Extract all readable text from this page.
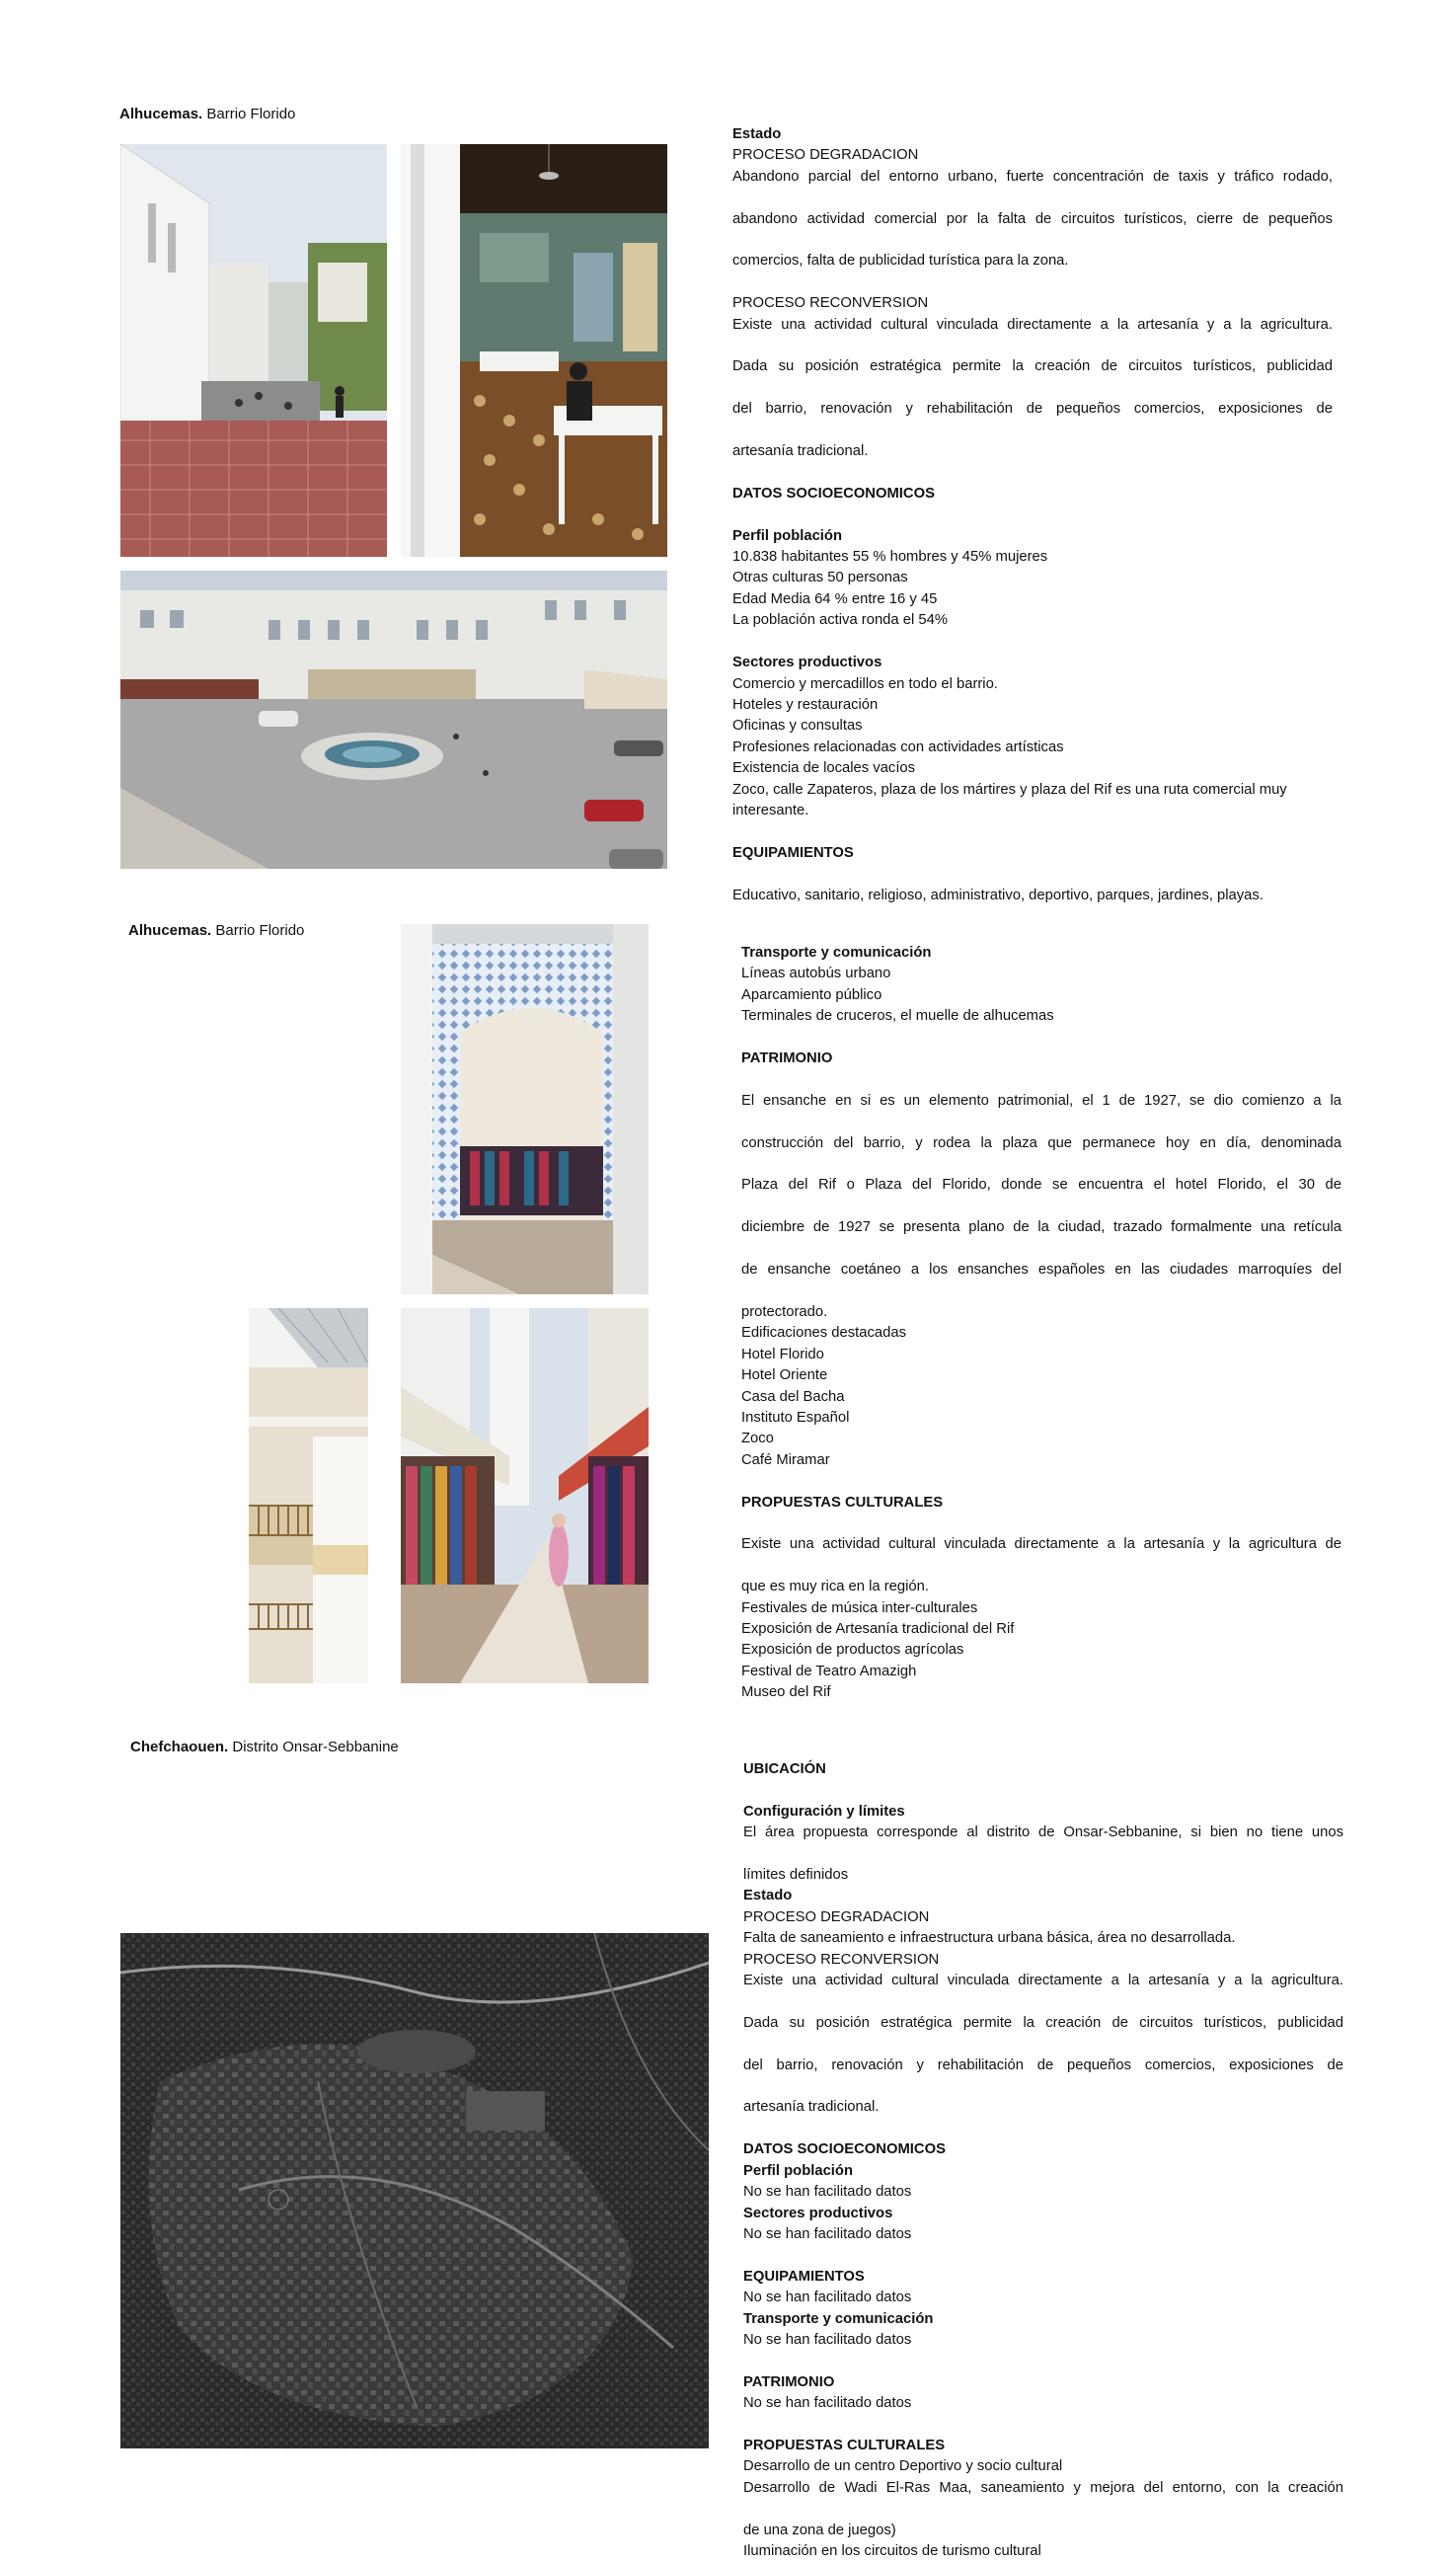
Alhucemas. Barrio Florido

Estado

PROCESO DEGRADACION

Abandono parcial del entorno urbano, fuerte concentración de taxis y tráfico rodado,

abandono actividad comercial por la falta de circuitos turísticos, cierre de pequeños

comercios, falta de publicidad turística para la zona.

PROCESO RECONVERSION

Existe una actividad cultural vinculada directamente a la artesanía y a la agricultura.

Dada su posición estratégica permite la creación de circuitos turísticos, publicidad

del barrio, renovación y rehabilitación de pequeños comercios, exposiciones de

artesanía tradicional.

DATOS SOCIOECONOMICOS

Perfil población

10.838 habitantes 55 % hombres y 45% mujeres

Otras culturas 50 personas

Edad Media 64 % entre 16 y 45

La población activa ronda el 54%

Sectores productivos

Comercio y mercadillos en todo el barrio.

Hoteles y restauración

Oficinas y consultas

Profesiones relacionadas con actividades artísticas

Existencia de locales vacíos

Zoco, calle Zapateros, plaza de los mártires y plaza del Rif es una ruta comercial muy

interesante.

EQUIPAMIENTOS

Educativo, sanitario, religioso, administrativo, deportivo, parques, jardines, playas.

Alhucemas. Barrio Florido

Transporte y comunicación

Líneas autobús urbano

Aparcamiento público

Terminales de cruceros, el muelle de alhucemas

PATRIMONIO

El ensanche en si es un elemento patrimonial, el 1 de 1927, se dio comienzo a la

construcción del barrio, y rodea la plaza que permanece hoy en día, denominada

Plaza del Rif o Plaza del Florido, donde se encuentra el hotel Florido, el 30 de

diciembre de 1927 se presenta plano de la ciudad, trazado formalmente una retícula

de ensanche coetáneo a los ensanches españoles en las ciudades marroquíes del

protectorado.

Edificaciones destacadas

Hotel Florido

Hotel Oriente

Casa del Bacha

Instituto Español

Zoco

Café Miramar

PROPUESTAS CULTURALES

Existe una actividad cultural vinculada directamente a la artesanía y la agricultura de

que es muy rica en la región.

Festivales de música inter-culturales

Exposición de Artesanía tradicional del Rif

Exposición de productos agrícolas

Festival de Teatro Amazigh

Museo del Rif

Chefchaouen. Distrito Onsar-Sebbanine

UBICACIÓN

Configuración y límites

El área propuesta corresponde al distrito de Onsar-Sebbanine, si bien no tiene unos

límites definidos

Estado

PROCESO DEGRADACION

Falta de saneamiento e infraestructura urbana básica, área no desarrollada.

PROCESO RECONVERSION

Existe una actividad cultural vinculada directamente a la artesanía y a la agricultura.

Dada su posición estratégica permite la creación de circuitos turísticos, publicidad

del barrio, renovación y rehabilitación de pequeños comercios, exposiciones de

artesanía tradicional.

DATOS SOCIOECONOMICOS

Perfil población

No se han facilitado datos

Sectores productivos

No se han facilitado datos

EQUIPAMIENTOS

No se han facilitado datos

Transporte y comunicación

No se han facilitado datos

PATRIMONIO

No se han facilitado datos

PROPUESTAS CULTURALES

Desarrollo de un centro Deportivo y socio cultural

Desarrollo de Wadi El-Ras Maa, saneamiento y mejora del entorno, con la creación

de una zona de juegos)

Iluminación en los circuitos de turismo cultural
